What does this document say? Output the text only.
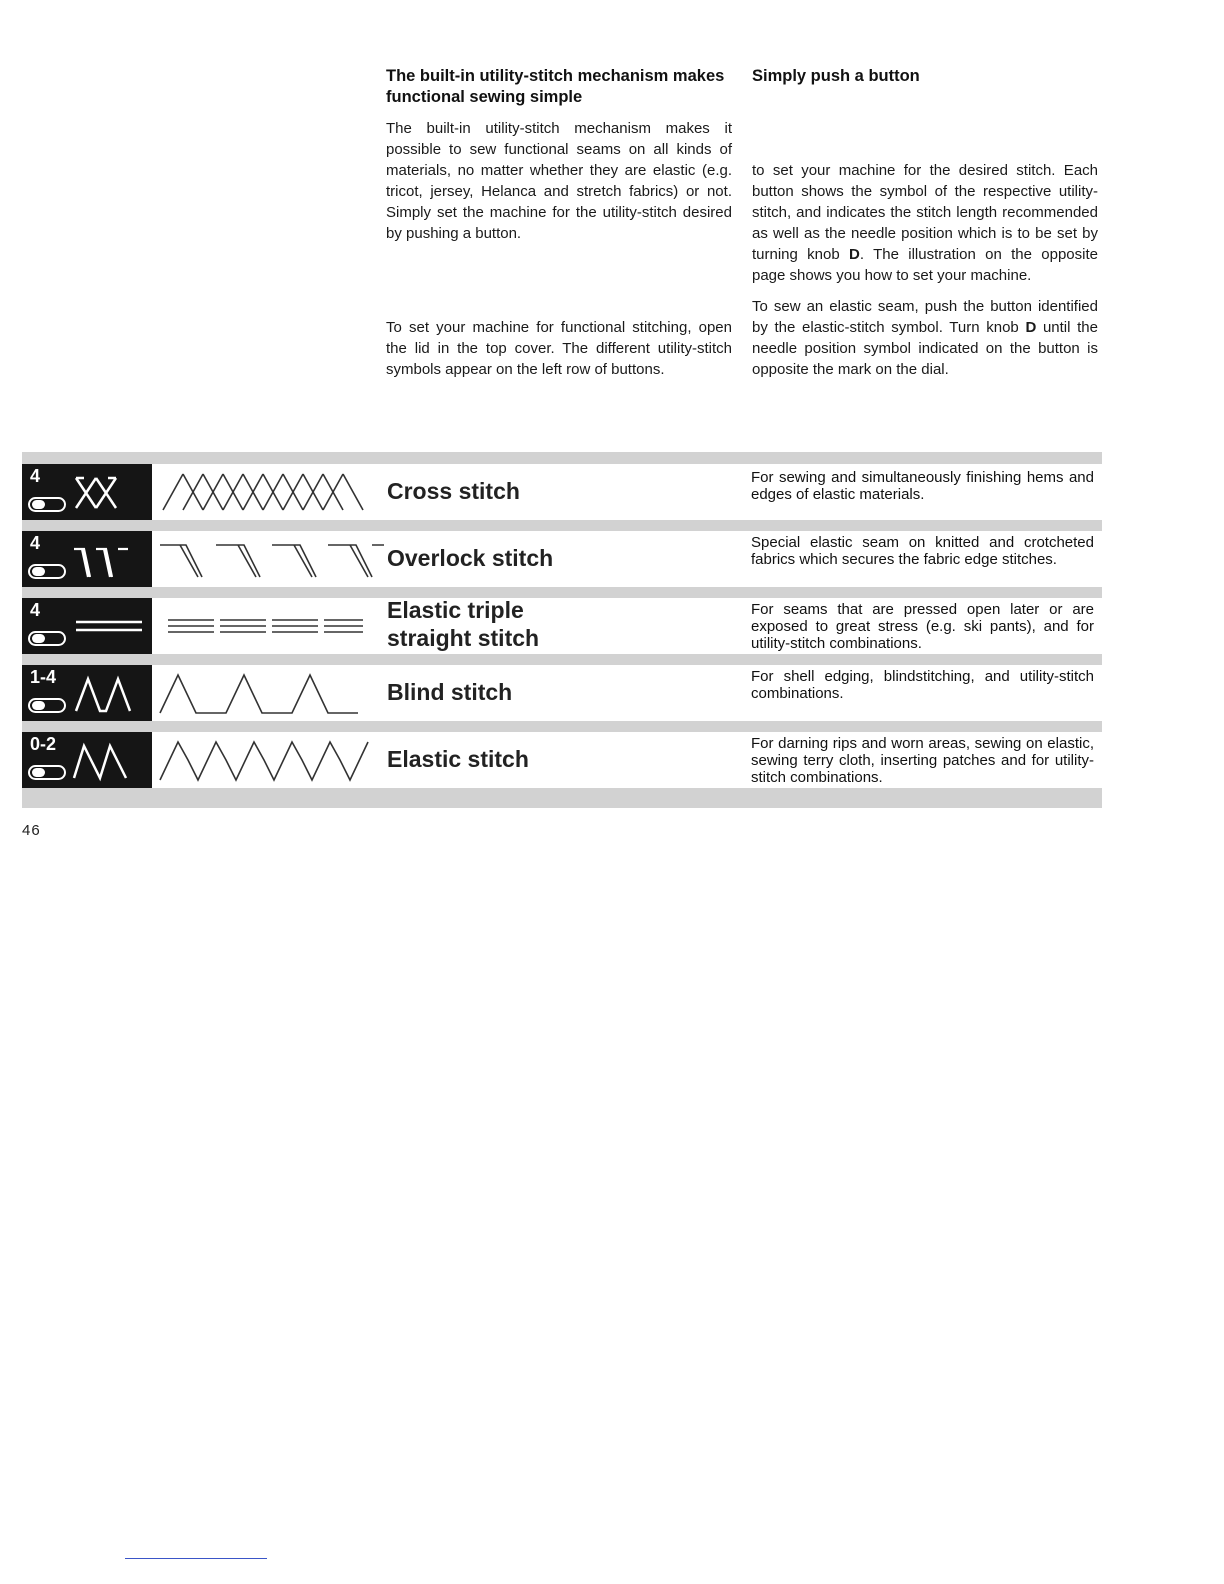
The built-in utility-stitch mechanism makes functional sewing simple

The built-in utility-stitch mechanism makes it possible to sew functional seams on all kinds of materials, no matter whether they are elastic (e.g. tricot, jersey, Helanca and stretch fabrics) or not. Simply set the machine for the utility-stitch desired by pushing a button.

To set your machine for functional stitching, open the lid in the top cover. The different utility-stitch symbols appear on the left row of buttons.

Simply push a button

to set your machine for the desired stitch. Each button shows the symbol of the respective utility-stitch, and indicates the stitch length recommended as well as the needle position which is to be set by turning knob D. The illustration on the opposite page shows you how to set your machine.

To sew an elastic seam, push the button identified by the elastic-stitch symbol. Turn knob D until the needle position symbol indicated on the button is opposite the mark on the dial.

4
Cross stitch
For sewing and simultaneously finishing hems and edges of elastic materials.
4
Overlock stitch
Special elastic seam on knitted and crotcheted fabrics which secures the fabric edge stitches.
4	Elastic triple
straight stitch
For seams that are pressed open later or are exposed to great stress (e.g. ski pants), and for utility-stitch combinations.
1-4
Blind stitch
For shell edging, blindstitching, and utility-stitch combinations.
0-2
Elastic stitch
For darning rips and worn areas, sewing on elastic, sewing terry cloth, inserting patches and for utility-stitch combinations.
46
